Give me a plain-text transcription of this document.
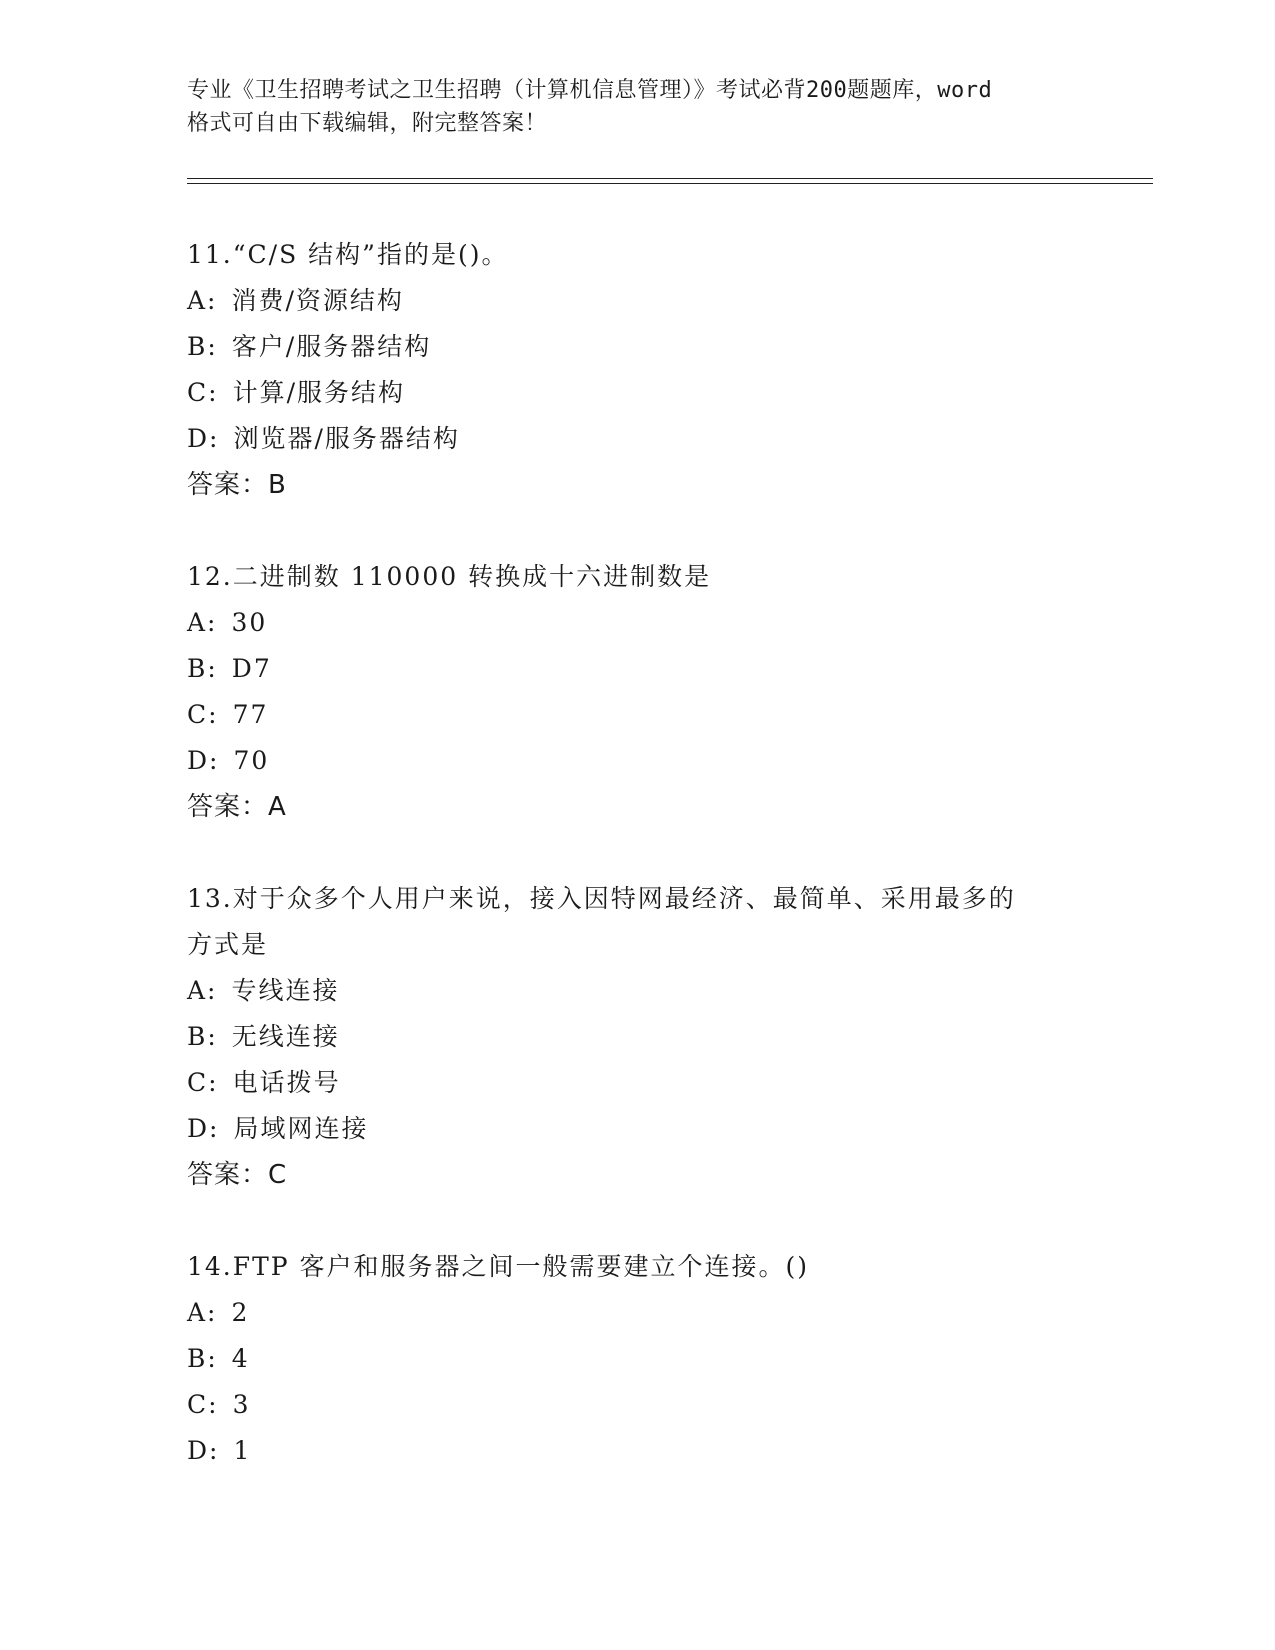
专业《卫生招聘考试之卫生招聘（计算机信息管理）》考试必背200题题库，word
格式可自由下载编辑，附完整答案！
11.“C/S 结构”指的是()。
A: 消费/资源结构
B: 客户/服务器结构
C: 计算/服务结构
D: 浏览器/服务器结构
答案：B
12.二进制数 110000 转换成十六进制数是
A: 30
B: D7
C: 77
D: 70
答案：A
13.对于众多个人用户来说，接入因特网最经济、最简单、采用最多的
方式是
A: 专线连接
B: 无线连接
C: 电话拨号
D: 局域网连接
答案：C
14.FTP 客户和服务器之间一般需要建立个连接。()
A: 2
B: 4
C: 3
D: 1
